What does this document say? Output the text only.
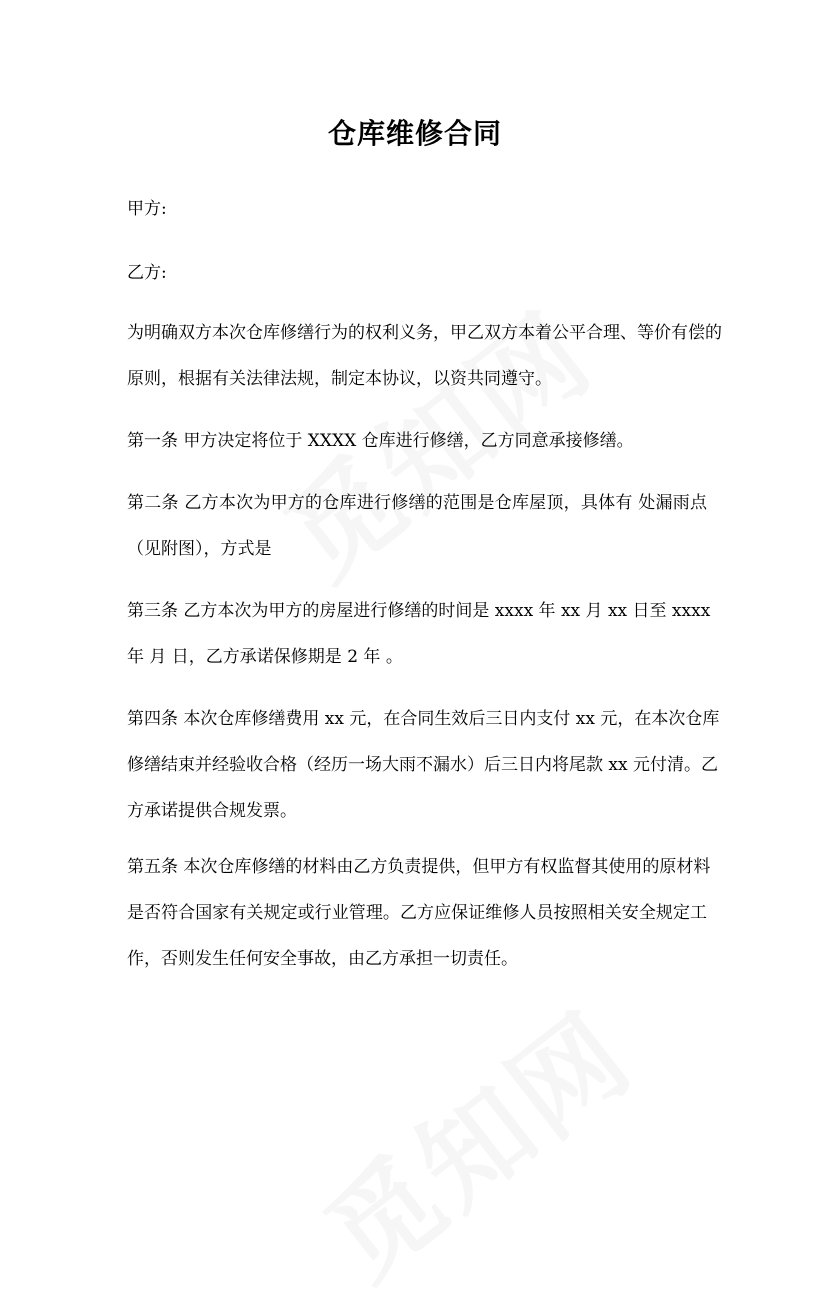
仓库维修合同

甲方:

乙方:

为明确双方本次仓库修缮行为的权利义务，甲乙双方本着公平合理、等价有偿的

原则，根据有关法律法规，制定本协议，以资共同遵守。

第一条 甲方决定将位于 XXXX 仓库进行修缮，乙方同意承接修缮。

第二条 乙方本次为甲方的仓库进行修缮的范围是仓库屋顶，具体有 处漏雨点

（见附图），方式是

第三条 乙方本次为甲方的房屋进行修缮的时间是 xxxx 年 xx 月 xx 日至 xxxx

年 月 日，乙方承诺保修期是 2 年 。

第四条 本次仓库修缮费用 xx 元，在合同生效后三日内支付 xx 元，在本次仓库

修缮结束并经验收合格（经历一场大雨不漏水）后三日内将尾款 xx 元付清。乙

方承诺提供合规发票。

第五条 本次仓库修缮的材料由乙方负责提供，但甲方有权监督其使用的原材料

是否符合国家有关规定或行业管理。乙方应保证维修人员按照相关安全规定工

作，否则发生任何安全事故，由乙方承担一切责任。
